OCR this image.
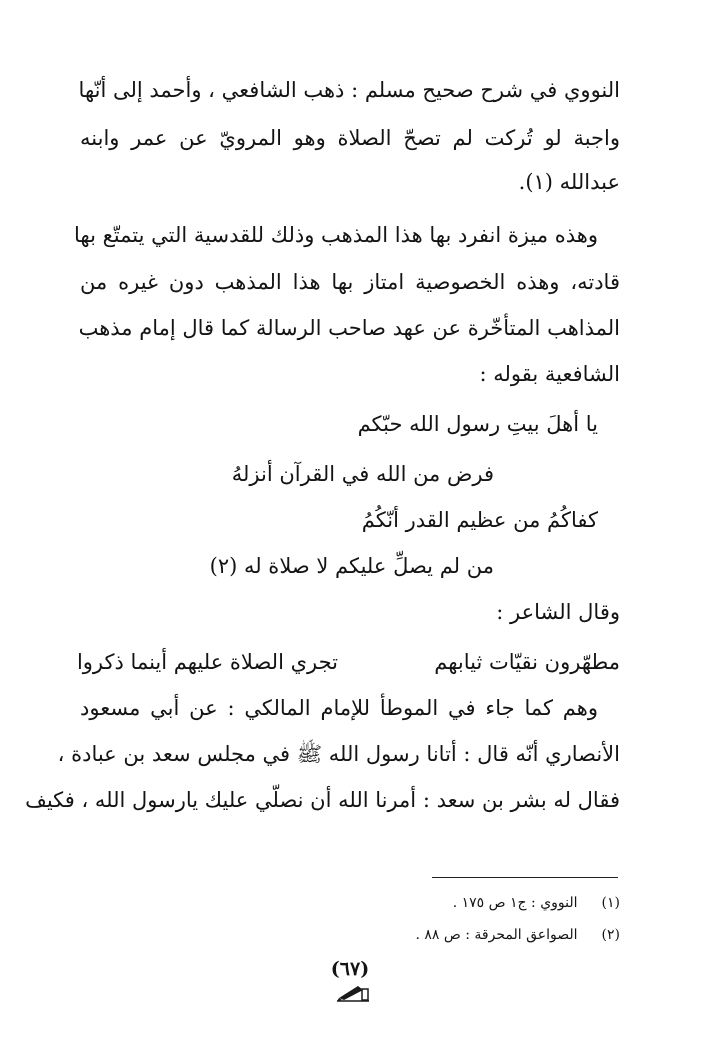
النووي في شرح صحيح مسلم : ذهب الشافعي ، وأحمد إلى أنّها
واجبة لو تُركت لم تصحّ الصلاة وهو المرويّ عن عمر وابنه
عبدالله (١).
وهذه ميزة انفرد بها هذا المذهب وذلك للقدسية التي يتمتّع بها
قادته، وهذه الخصوصية امتاز بها هذا المذهب دون غيره من
المذاهب المتأخّرة عن عهد صاحب الرسالة كما قال إمام مذهب
الشافعية بقوله :
يا أهلَ بيتِ رسول الله حبّكم
فرض من الله في القرآن أنزلهُ
كفاكُمُ من عظيم القدر أنّكُمُ
من لم يصلِّ عليكم لا صلاة له (٢)
وقال الشاعر :
مطهّرون نقيّات ثيابهم
تجري الصلاة عليهم أينما ذكروا
وهم كما جاء في الموطأ للإمام المالكي : عن أبي مسعود
الأنصاري أنّه قال : أتانا رسول الله ﷺ في مجلس سعد بن عبادة ،
فقال له بشر بن سعد : أمرنا الله أن نصلّي عليك يارسول الله ، فكيف
(١) النووي : ج١ ص ١٧٥ .
(٢) الصواعق المحرقة : ص ٨٨ .
(٦٧)
